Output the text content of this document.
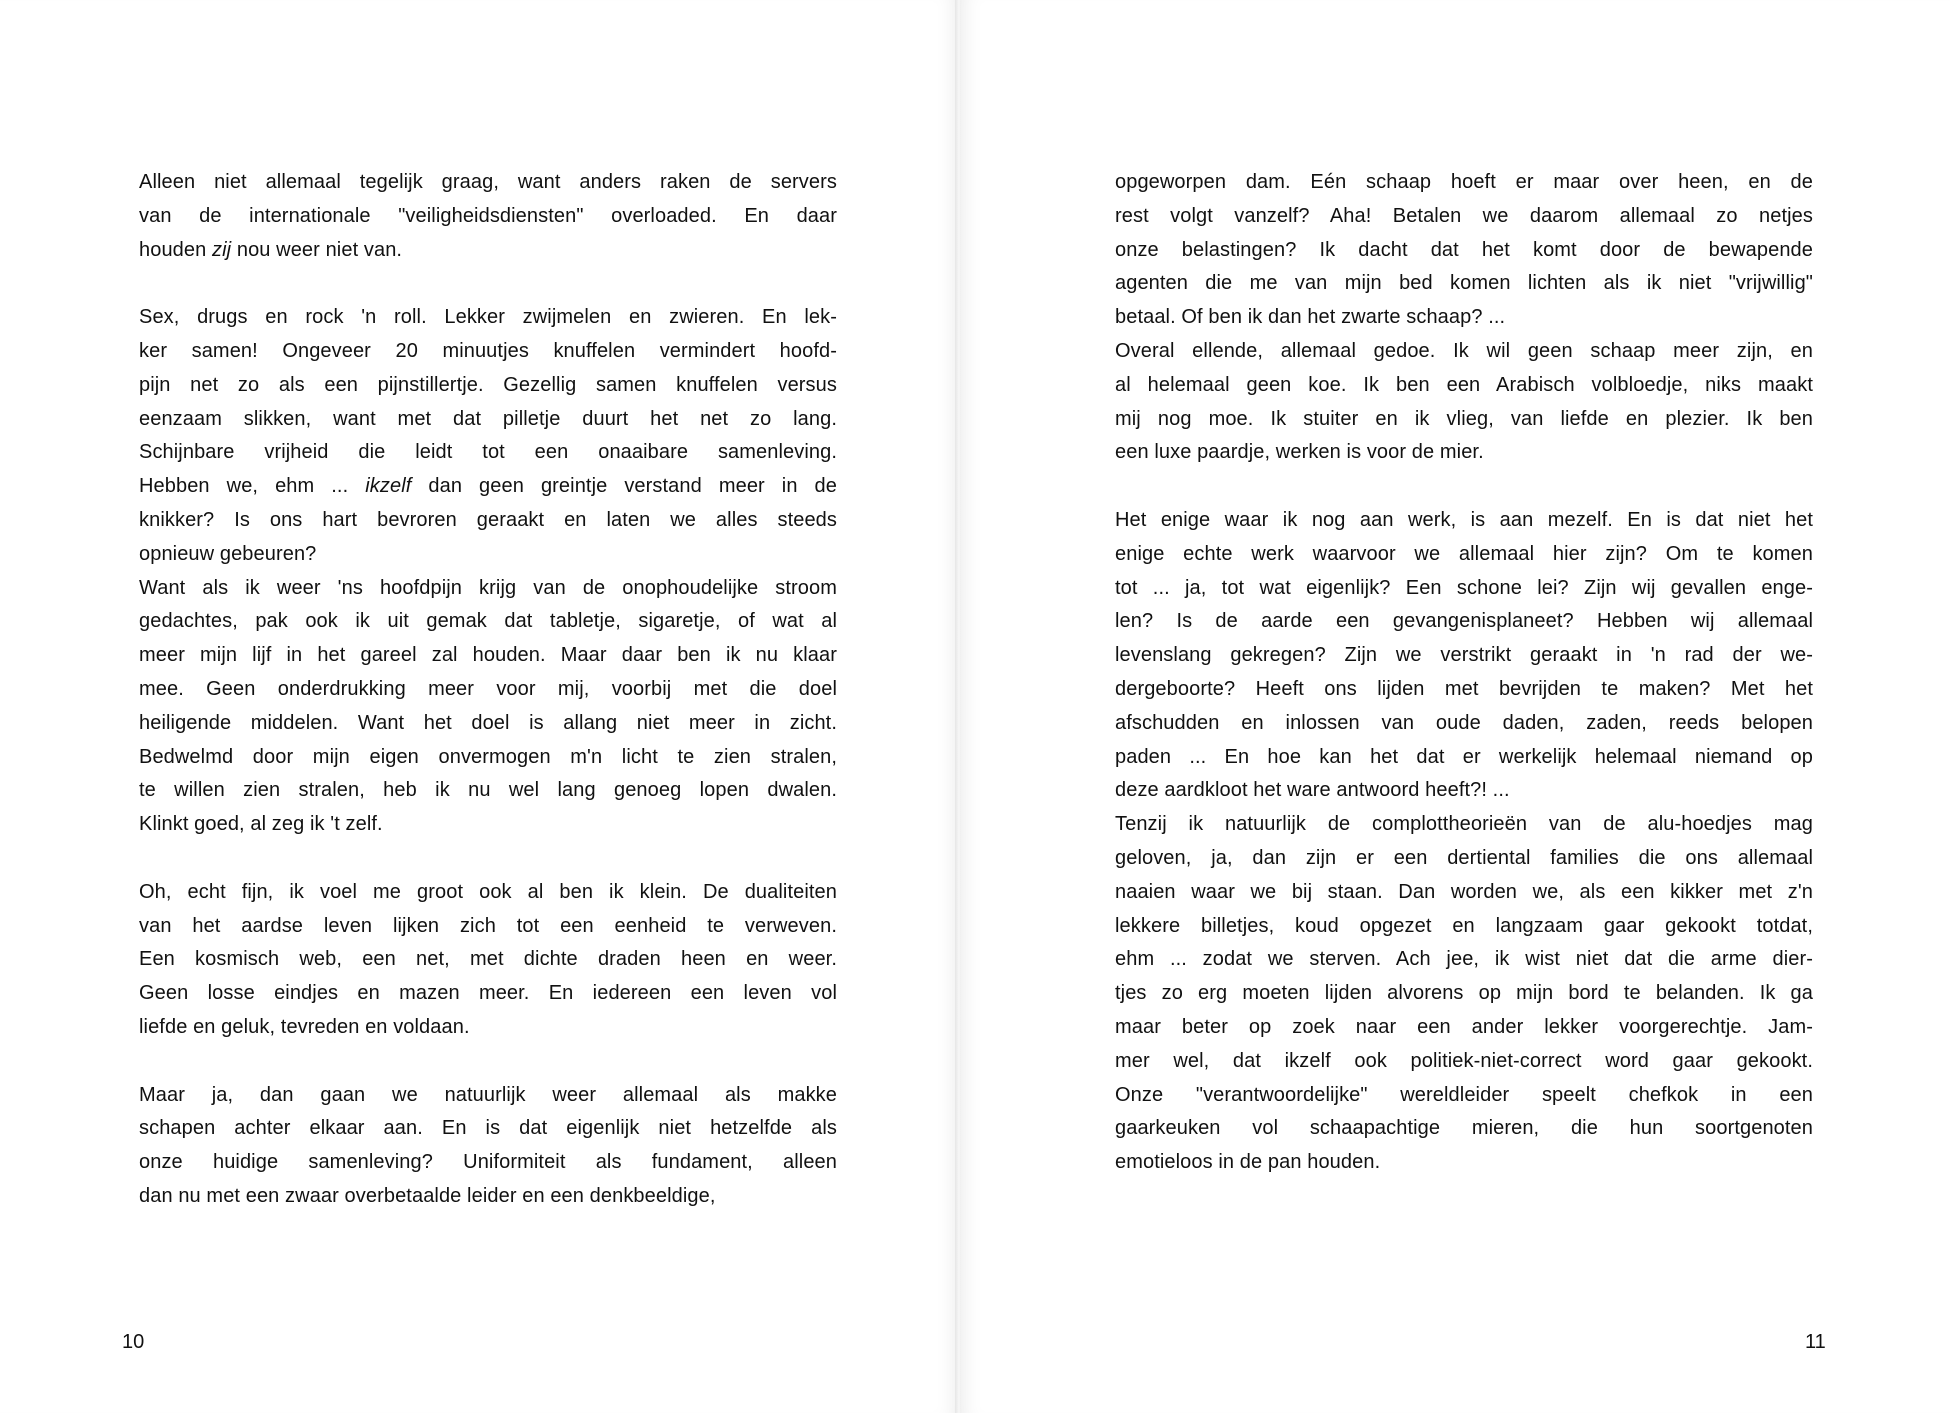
Alleen niet allemaal tegelijk graag, want anders raken de servers
van de internationale "veiligheidsdiensten" overloaded. En daar
houden zij nou weer niet van.

Sex, drugs en rock 'n roll. Lekker zwijmelen en zwieren. En lek-
ker samen! Ongeveer 20 minuutjes knuffelen vermindert hoofd-
pijn net zo als een pijnstillertje. Gezellig samen knuffelen versus
eenzaam slikken, want met dat pilletje duurt het net zo lang.
Schijnbare vrijheid die leidt tot een onaaibare samenleving.
Hebben we, ehm ... ikzelf dan geen greintje verstand meer in de
knikker? Is ons hart bevroren geraakt en laten we alles steeds
opnieuw gebeuren?

Want als ik weer 'ns hoofdpijn krijg van de onophoudelijke stroom
gedachtes, pak ook ik uit gemak dat tabletje, sigaretje, of wat al
meer mijn lijf in het gareel zal houden. Maar daar ben ik nu klaar
mee. Geen onderdrukking meer voor mij, voorbij met die doel
heiligende middelen. Want het doel is allang niet meer in zicht.
Bedwelmd door mijn eigen onvermogen m'n licht te zien stralen,
te willen zien stralen, heb ik nu wel lang genoeg lopen dwalen.
Klinkt goed, al zeg ik 't zelf.

Oh, echt fijn, ik voel me groot ook al ben ik klein. De dualiteiten
van het aardse leven lijken zich tot een eenheid te verweven.
Een kosmisch web, een net, met dichte draden heen en weer.
Geen losse eindjes en mazen meer. En iedereen een leven vol
liefde en geluk, tevreden en voldaan.

Maar ja, dan gaan we natuurlijk weer allemaal als makke
schapen achter elkaar aan. En is dat eigenlijk niet hetzelfde als
onze huidige samenleving? Uniformiteit als fundament, alleen
dan nu met een zwaar overbetaalde leider en een denkbeeldige,

10

opgeworpen dam. Eén schaap hoeft er maar over heen, en de
rest volgt vanzelf? Aha! Betalen we daarom allemaal zo netjes
onze belastingen? Ik dacht dat het komt door de bewapende
agenten die me van mijn bed komen lichten als ik niet "vrijwillig"
betaal. Of ben ik dan het zwarte schaap? ...

Overal ellende, allemaal gedoe. Ik wil geen schaap meer zijn, en
al helemaal geen koe. Ik ben een Arabisch volbloedje, niks maakt
mij nog moe. Ik stuiter en ik vlieg, van liefde en plezier. Ik ben
een luxe paardje, werken is voor de mier.

Het enige waar ik nog aan werk, is aan mezelf. En is dat niet het
enige echte werk waarvoor we allemaal hier zijn? Om te komen
tot ... ja, tot wat eigenlijk? Een schone lei? Zijn wij gevallen enge-
len? Is de aarde een gevangenisplaneet? Hebben wij allemaal
levenslang gekregen? Zijn we verstrikt geraakt in 'n rad der we-
dergeboorte? Heeft ons lijden met bevrijden te maken? Met het
afschudden en inlossen van oude daden, zaden, reeds belopen
paden ... En hoe kan het dat er werkelijk helemaal niemand op
deze aardkloot het ware antwoord heeft?! ...

Tenzij ik natuurlijk de complottheorieën van de alu-hoedjes mag
geloven, ja, dan zijn er een dertiental families die ons allemaal
naaien waar we bij staan. Dan worden we, als een kikker met z'n
lekkere billetjes, koud opgezet en langzaam gaar gekookt totdat,
ehm ... zodat we sterven. Ach jee, ik wist niet dat die arme dier-
tjes zo erg moeten lijden alvorens op mijn bord te belanden. Ik ga
maar beter op zoek naar een ander lekker voorgerechtje. Jam-
mer wel, dat ikzelf ook politiek-niet-correct word gaar gekookt.
Onze "verantwoordelijke" wereldleider speelt chefkok in een
gaarkeuken vol schaapachtige mieren, die hun soortgenoten
emotieloos in de pan houden.

11
